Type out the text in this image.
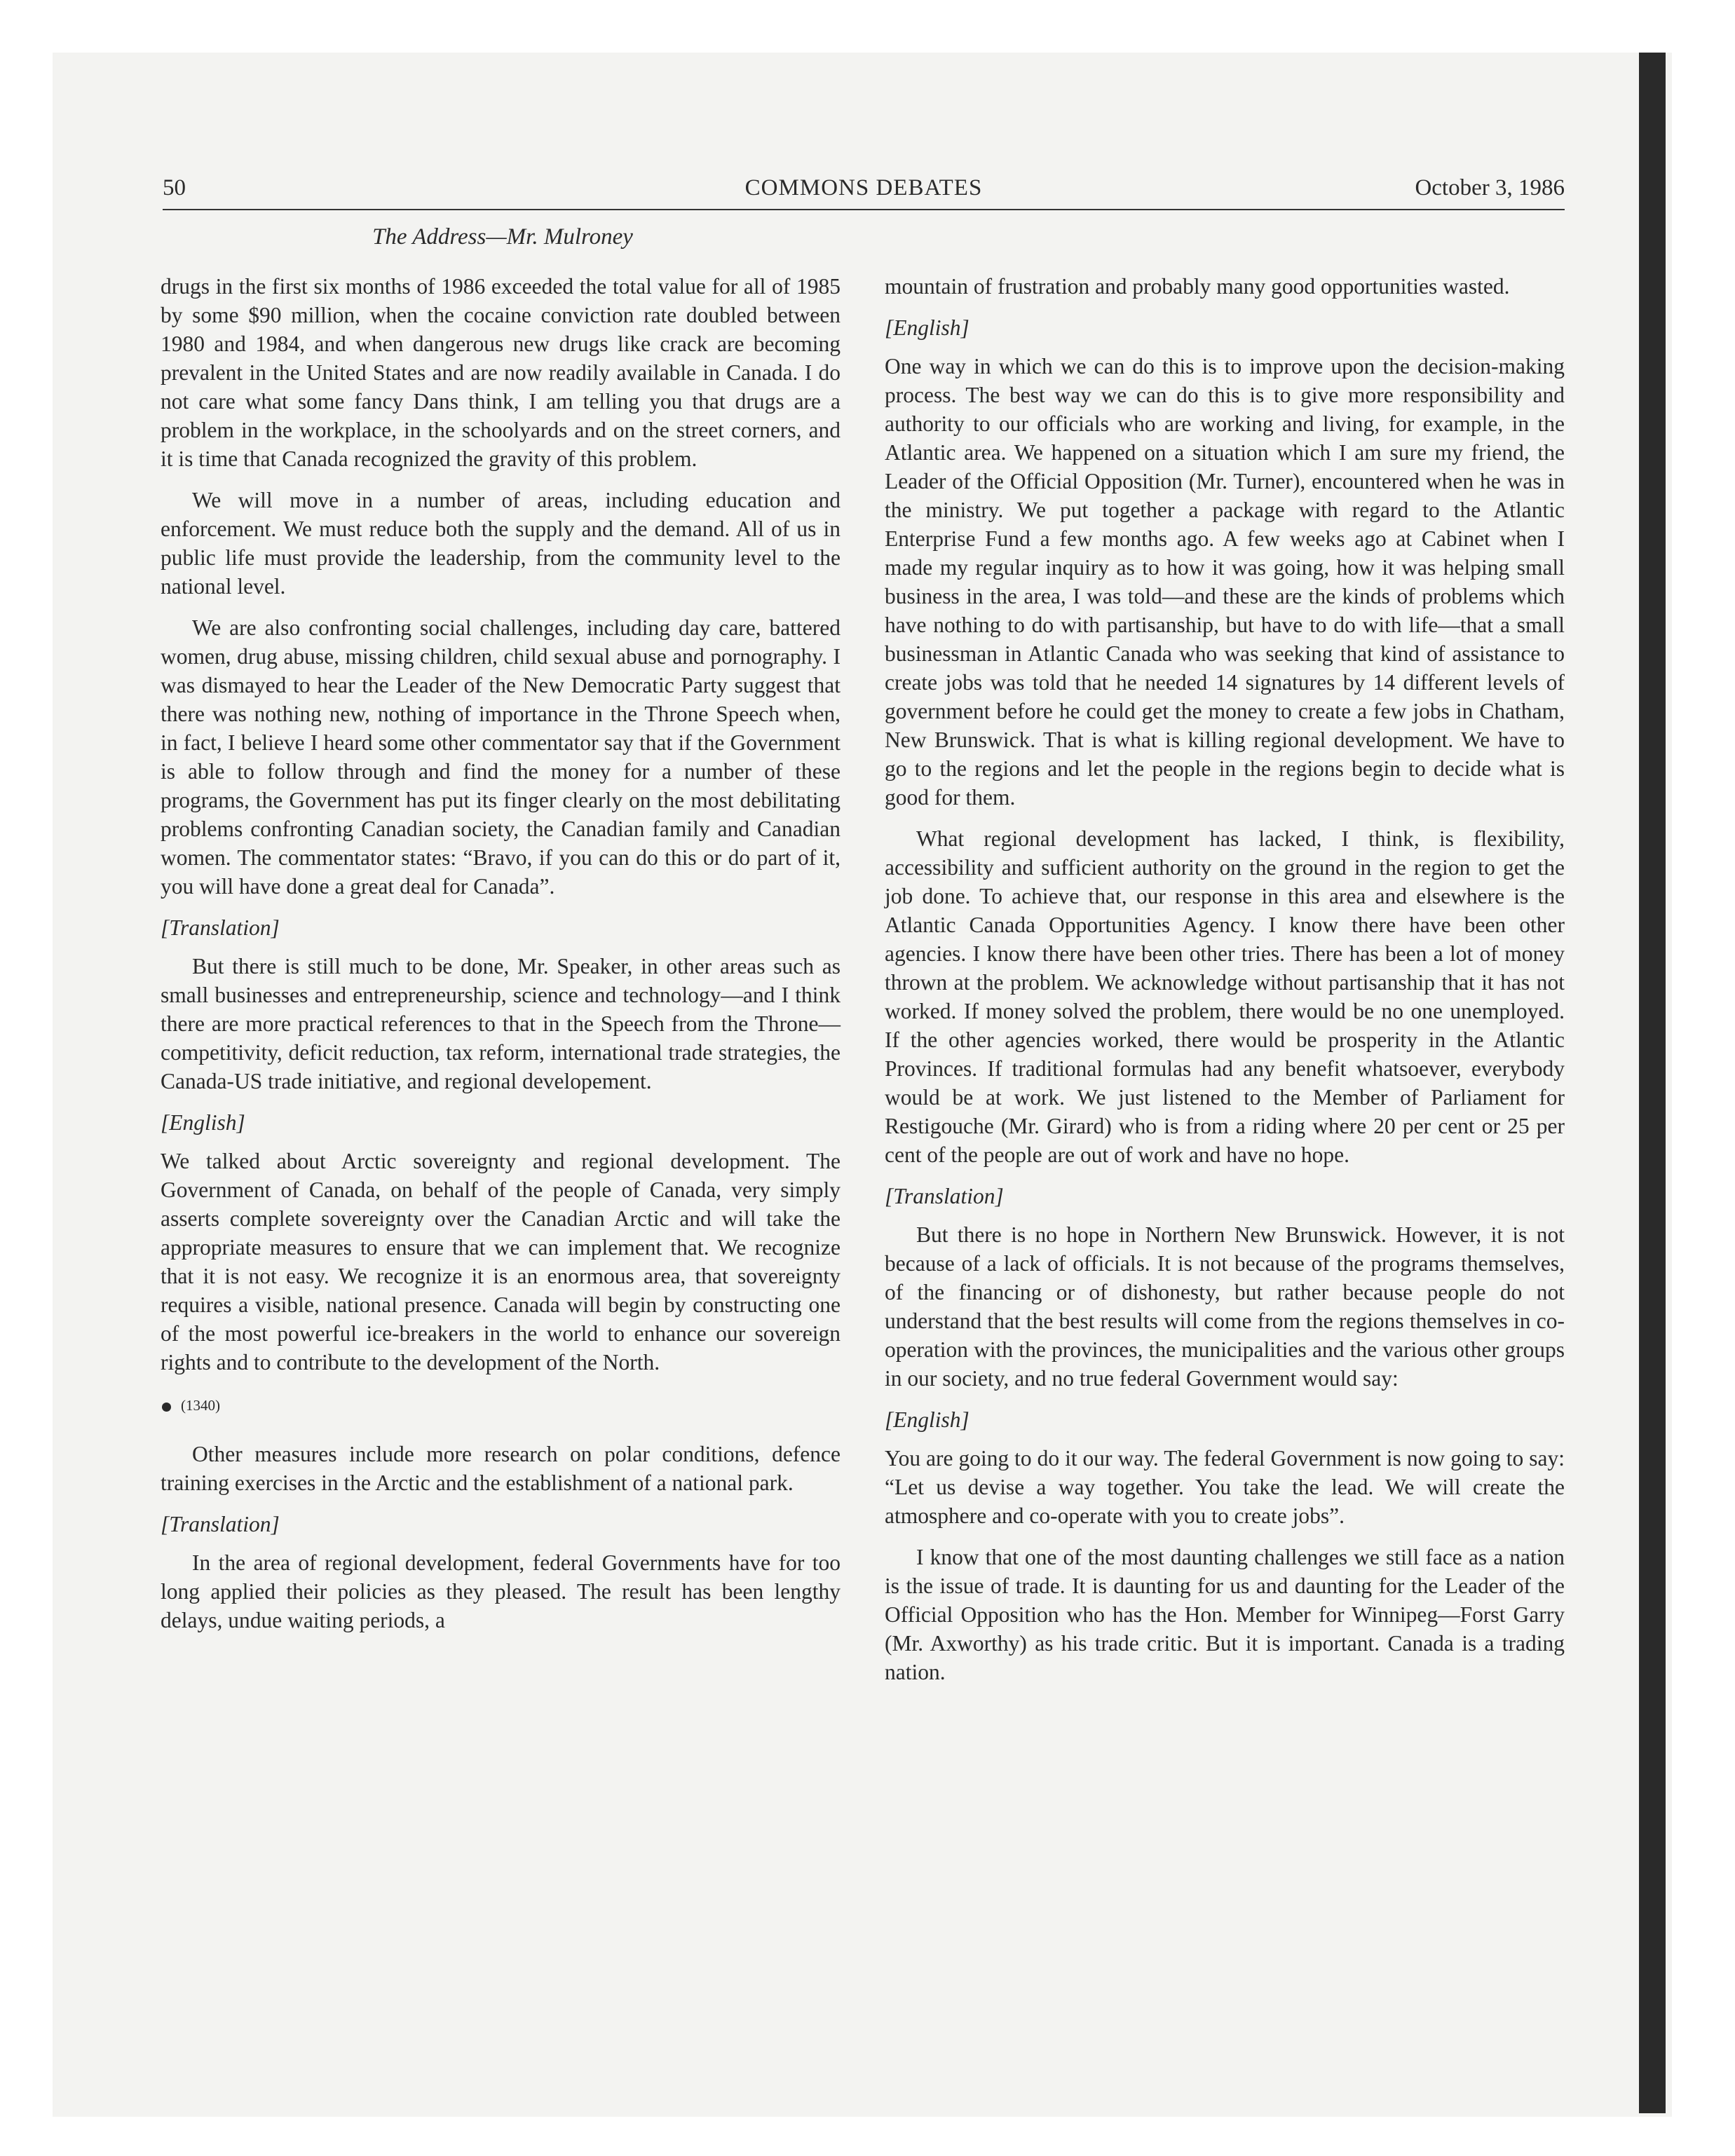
50	COMMONS DEBATES	October 3, 1986
The Address—Mr. Mulroney

drugs in the first six months of 1986 exceeded the total value for all of 1985 by some $90 million, when the cocaine conviction rate doubled between 1980 and 1984, and when dangerous new drugs like crack are becoming prevalent in the United States and are now readily available in Canada. I do not care what some fancy Dans think, I am telling you that drugs are a problem in the workplace, in the schoolyards and on the street corners, and it is time that Canada recognized the gravity of this problem.

We will move in a number of areas, including education and enforcement. We must reduce both the supply and the demand. All of us in public life must provide the leadership, from the community level to the national level.

We are also confronting social challenges, including day care, battered women, drug abuse, missing children, child sexual abuse and pornography. I was dismayed to hear the Leader of the New Democratic Party suggest that there was nothing new, nothing of importance in the Throne Speech when, in fact, I believe I heard some other commentator say that if the Government is able to follow through and find the money for a number of these programs, the Government has put its finger clearly on the most debilitating problems confronting Canadian society, the Canadian family and Canadian women. The commentator states: “Bravo, if you can do this or do part of it, you will have done a great deal for Canada”.

[Translation]

But there is still much to be done, Mr. Speaker, in other areas such as small businesses and entrepreneurship, science and technology—and I think there are more practical references to that in the Speech from the Throne—competitivity, deficit reduction, tax reform, international trade strategies, the Canada-US trade initiative, and regional developement.

[English]

We talked about Arctic sovereignty and regional development. The Government of Canada, on behalf of the people of Canada, very simply asserts complete sovereignty over the Canadian Arctic and will take the appropriate measures to ensure that we can implement that. We recognize that it is not easy. We recognize it is an enormous area, that sovereignty requires a visible, national presence. Canada will begin by constructing one of the most powerful ice-breakers in the world to enhance our sovereign rights and to contribute to the development of the North.

(1340)

Other measures include more research on polar conditions, defence training exercises in the Arctic and the establishment of a national park.

[Translation]

In the area of regional development, federal Governments have for too long applied their policies as they pleased. The result has been lengthy delays, undue waiting periods, a

mountain of frustration and probably many good opportunities wasted.

[English]

One way in which we can do this is to improve upon the decision-making process. The best way we can do this is to give more responsibility and authority to our officials who are working and living, for example, in the Atlantic area. We happened on a situation which I am sure my friend, the Leader of the Official Opposition (Mr. Turner), encountered when he was in the ministry. We put together a package with regard to the Atlantic Enterprise Fund a few months ago. A few weeks ago at Cabinet when I made my regular inquiry as to how it was going, how it was helping small business in the area, I was told—and these are the kinds of problems which have nothing to do with partisanship, but have to do with life—that a small businessman in Atlantic Canada who was seeking that kind of assistance to create jobs was told that he needed 14 signatures by 14 different levels of government before he could get the money to create a few jobs in Chatham, New Brunswick. That is what is killing regional development. We have to go to the regions and let the people in the regions begin to decide what is good for them.

What regional development has lacked, I think, is flexibility, accessibility and sufficient authority on the ground in the region to get the job done. To achieve that, our response in this area and elsewhere is the Atlantic Canada Opportunities Agency. I know there have been other agencies. I know there have been other tries. There has been a lot of money thrown at the problem. We acknowledge without partisanship that it has not worked. If money solved the problem, there would be no one unemployed. If the other agencies worked, there would be prosperity in the Atlantic Provinces. If traditional formulas had any benefit whatsoever, everybody would be at work. We just listened to the Member of Parliament for Restigouche (Mr. Girard) who is from a riding where 20 per cent or 25 per cent of the people are out of work and have no hope.

[Translation]

But there is no hope in Northern New Brunswick. However, it is not because of a lack of officials. It is not because of the programs themselves, of the financing or of dishonesty, but rather because people do not understand that the best results will come from the regions themselves in co-operation with the provinces, the municipalities and the various other groups in our society, and no true federal Government would say:

[English]

You are going to do it our way. The federal Government is now going to say: “Let us devise a way together. You take the lead. We will create the atmosphere and co-operate with you to create jobs”.

I know that one of the most daunting challenges we still face as a nation is the issue of trade. It is daunting for us and daunting for the Leader of the Official Opposition who has the Hon. Member for Winnipeg—Forst Garry (Mr. Axworthy) as his trade critic. But it is important. Canada is a trading nation.
